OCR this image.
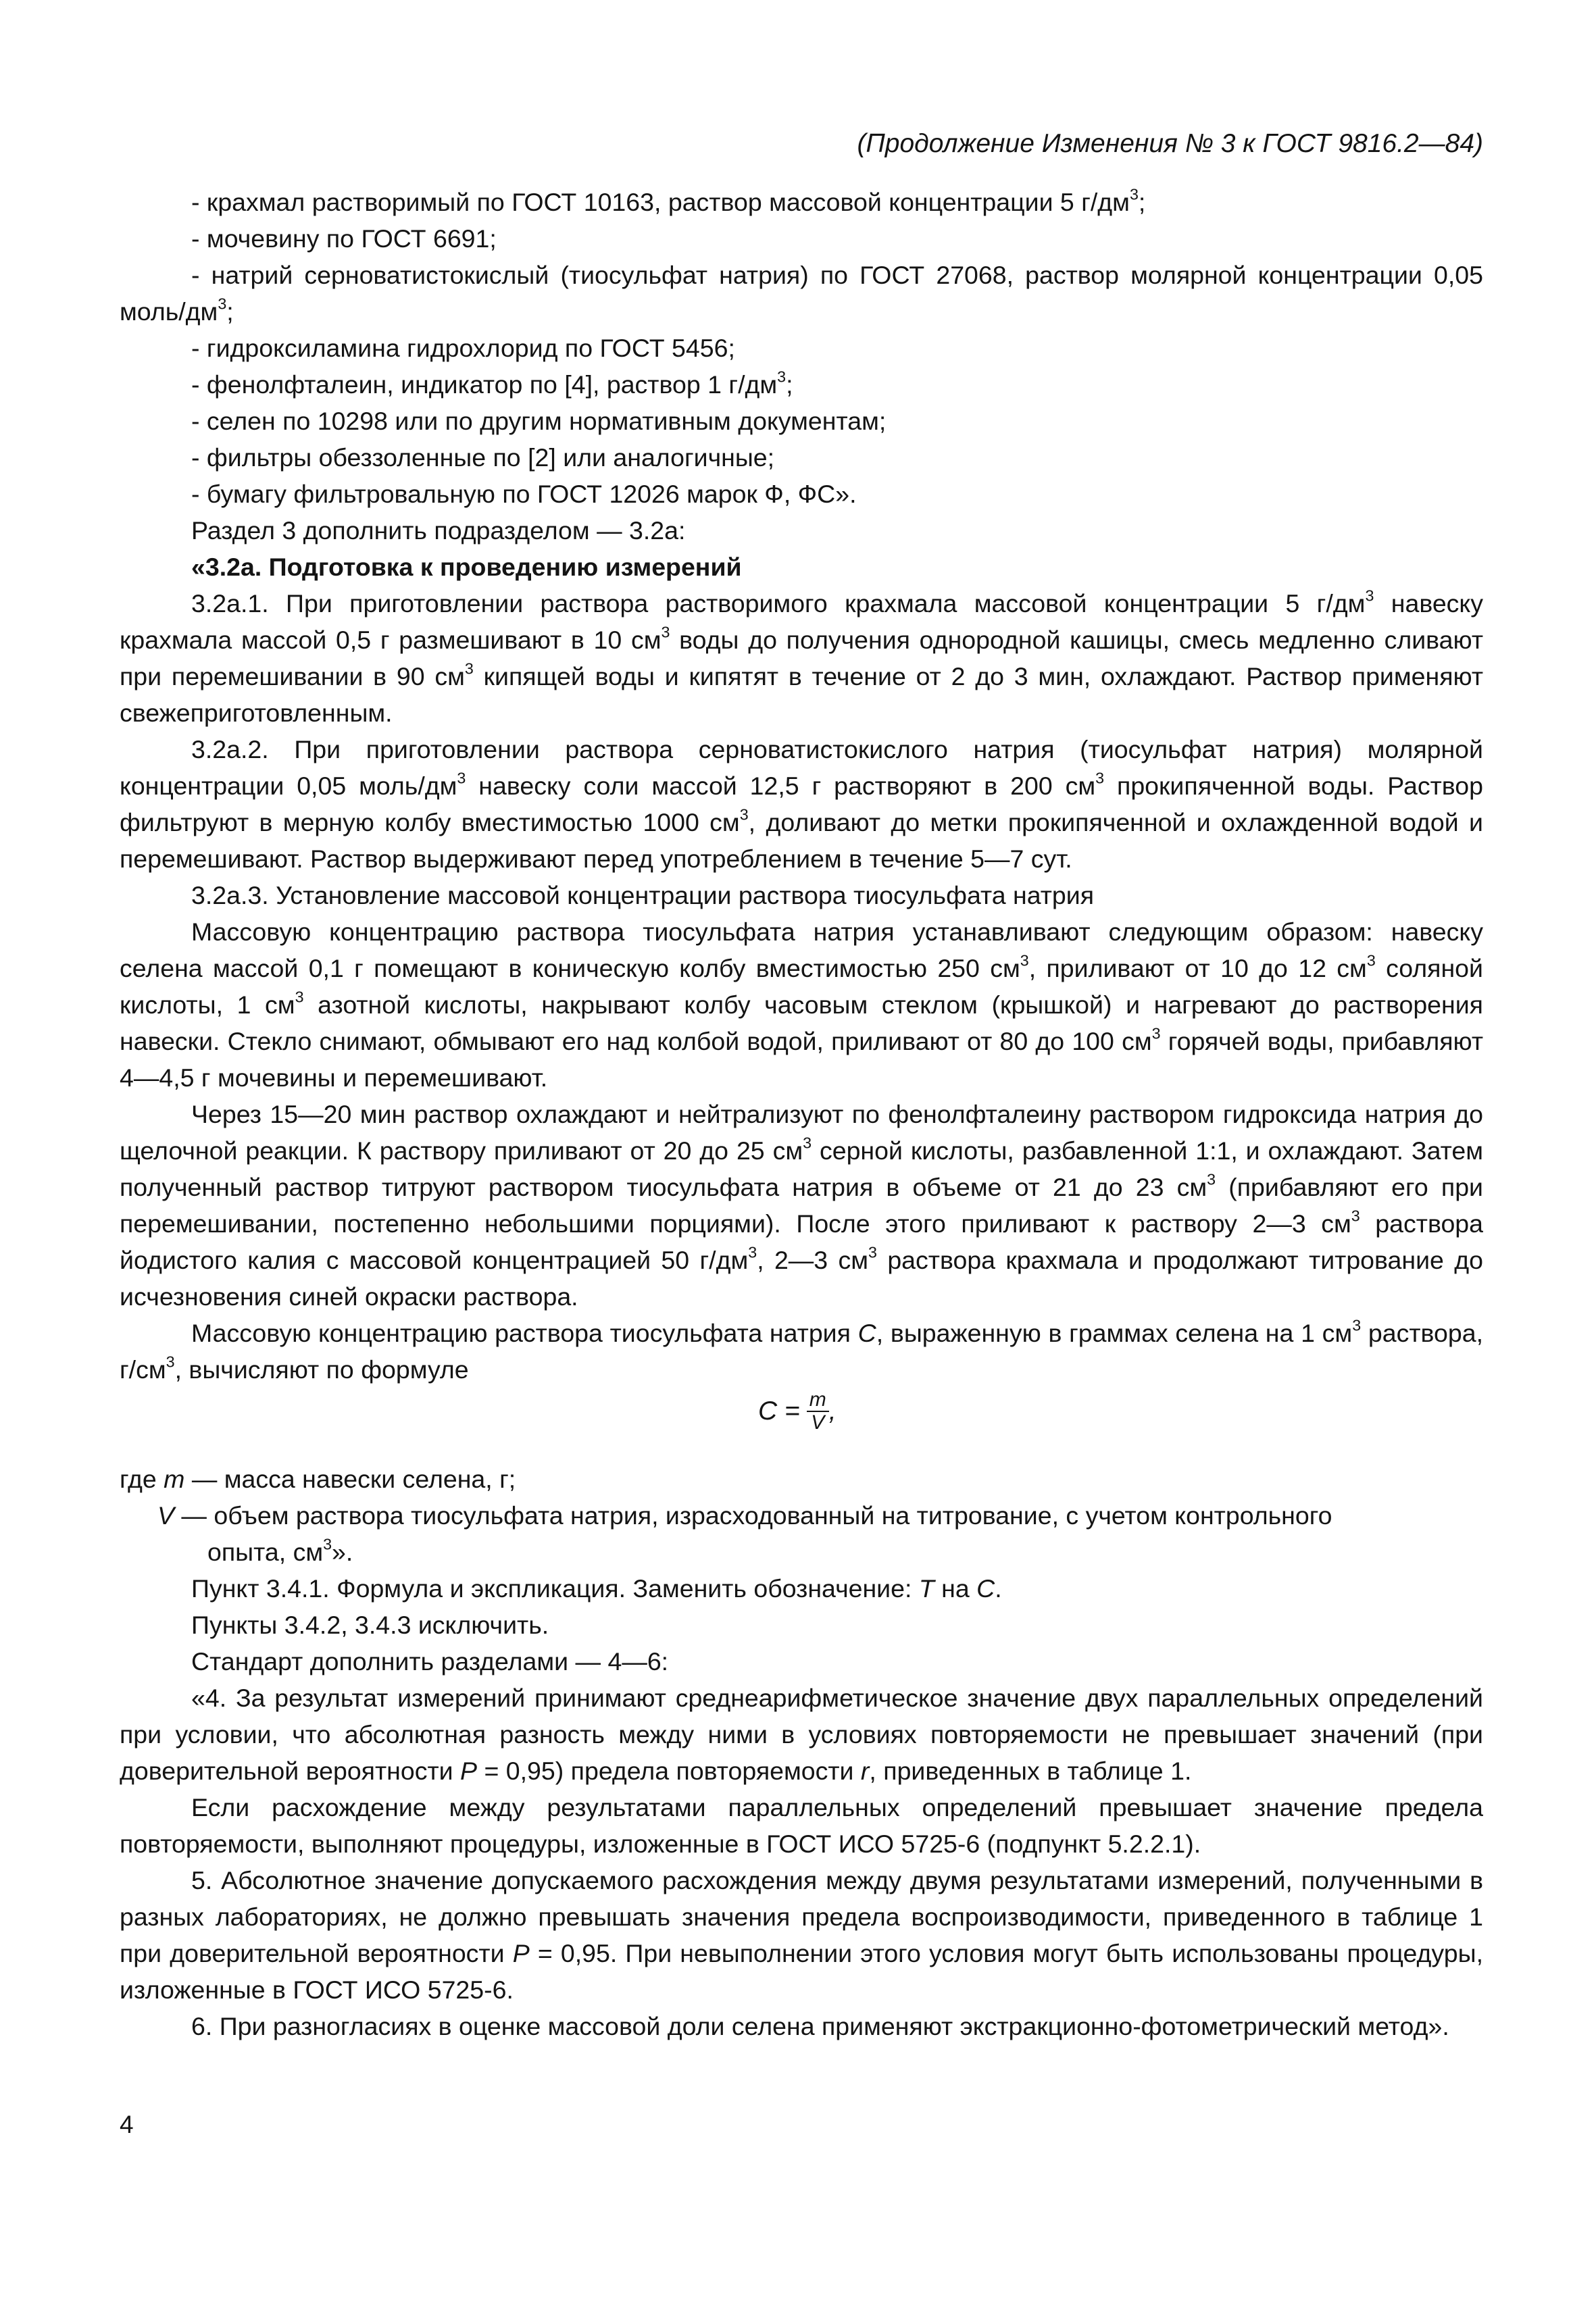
(Продолжение Изменения № 3 к ГОСТ 9816.2—84)

- крахмал растворимый по ГОСТ 10163, раствор массовой концентрации 5 $г/дм^3$;

- мочевину по ГОСТ 6691;

- натрий серноватистокислый (тиосульфат натрия) по ГОСТ 27068, раствор молярной концентрации 0,05 моль/$дм^3$;

- гидроксиламина гидрохлорид по ГОСТ 5456;

- фенолфталеин, индикатор по [4], раствор 1 $г/дм^3$;

- селен по 10298 или по другим нормативным документам;

- фильтры обеззоленные по [2] или аналогичные;

- бумагу фильтровальную по ГОСТ 12026 марок Ф, ФС».

Раздел 3 дополнить подразделом — 3.2а:

«3.2а. Подготовка к проведению измерений

3.2а.1. При приготовлении раствора растворимого крахмала массовой концентрации 5 $г/дм^3$ навеску крахмала массой 0,5 г размешивают в 10 $см^3$ воды до получения однородной кашицы, смесь медленно сливают при перемешивании в 90 $см^3$ кипящей воды и кипятят в течение от 2 до 3 мин, охлаждают. Раствор применяют свежеприготовленным.

3.2а.2. При приготовлении раствора серноватистокислого натрия (тиосульфат натрия) молярной концентрации 0,05 моль/$дм^3$ навеску соли массой 12,5 г растворяют в 200 $см^3$ прокипяченной воды. Раствор фильтруют в мерную колбу вместимостью 1000 $см^3$, доливают до метки прокипяченной и охлажденной водой и перемешивают. Раствор выдерживают перед употреблением в течение 5—7 сут.

3.2а.3. Установление массовой концентрации раствора тиосульфата натрия

Массовую концентрацию раствора тиосульфата натрия устанавливают следующим образом: навеску селена массой 0,1 г помещают в коническую колбу вместимостью 250 $см^3$, приливают от 10 до 12 $см^3$ соляной кислоты, 1 $см^3$ азотной кислоты, накрывают колбу часовым стеклом (крышкой) и нагревают до растворения навески. Стекло снимают, обмывают его над колбой водой, приливают от 80 до 100 $см^3$ горячей воды, прибавляют 4—4,5 г мочевины и перемешивают.

Через 15—20 мин раствор охлаждают и нейтрализуют по фенолфталеину раствором гидроксида натрия до щелочной реакции. К раствору приливают от 20 до 25 $см^3$ серной кислоты, разбавленной 1:1, и охлаждают. Затем полученный раствор титруют раствором тиосульфата натрия в объеме от 21 до 23 $см^3$ (прибавляют его при перемешивании, постепенно небольшими порциями). После этого приливают к раствору 2—3 $см^3$ раствора йодистого калия с массовой концентрацией 50 $г/дм^3$, 2—3 $см^3$ раствора крахмала и продолжают титрование до исчезновения синей окраски раствора.

Массовую концентрацию раствора тиосульфата натрия С, выраженную в граммах селена на 1 $см^3$ раствора, $г/см^3$, вычисляют по формуле

$С = \frac{m}{V}$ ,

где m — масса навески селена, г;

V — объем раствора тиосульфата натрия, израсходованный на титрование, с учетом контрольного
опыта, $см^3$».

Пункт 3.4.1. Формула и экспликация. Заменить обозначение: Т на С.

Пункты 3.4.2, 3.4.3 исключить.

Стандарт дополнить разделами — 4—6:

«4. За результат измерений принимают среднеарифметическое значение двух параллельных определений при условии, что абсолютная разность между ними в условиях повторяемости не превышает значений (при доверительной вероятности Р = 0,95) предела повторяемости r, приведенных в таблице 1.

Если расхождение между результатами параллельных определений превышает значение предела повторяемости, выполняют процедуры, изложенные в ГОСТ ИСО 5725-6 (подпункт 5.2.2.1).

5. Абсолютное значение допускаемого расхождения между двумя результатами измерений, полученными в разных лабораториях, не должно превышать значения предела воспроизводимости, приведенного в таблице 1 при доверительной вероятности Р = 0,95. При невыполнении этого условия могут быть использованы процедуры, изложенные в ГОСТ ИСО 5725-6.

6. При разногласиях в оценке массовой доли селена применяют экстракционно-фотометрический метод».

4
